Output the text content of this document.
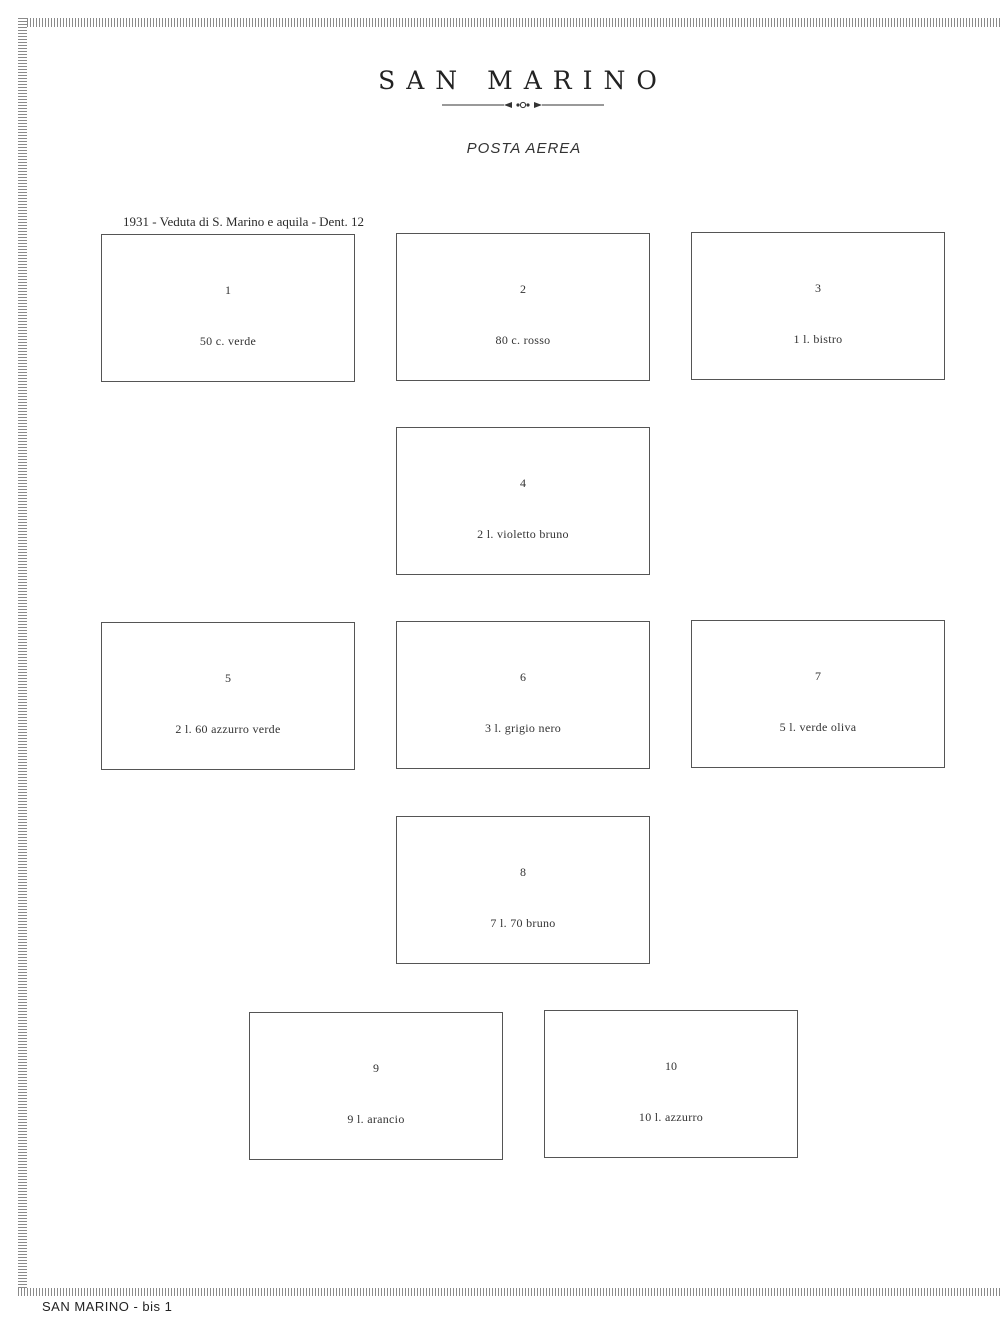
SAN MARINO
POSTA AEREA
1931 - Veduta di S. Marino e aquila - Dent. 12
1
50 c. verde
2
80 c. rosso
3
1 l. bistro
4
2 l. violetto bruno
5
2 l. 60 azzurro verde
6
3 l. grigio nero
7
5 l. verde oliva
8
7 l. 70 bruno
9
9 l. arancio
10
10 l. azzurro
SAN MARINO - bis 1
